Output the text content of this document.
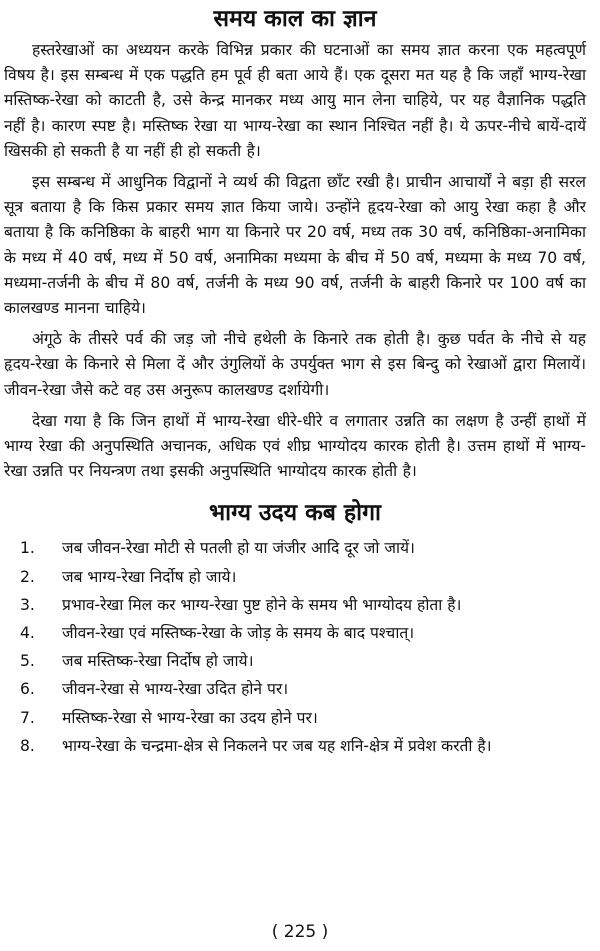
समय काल का ज्ञान

हस्तरेखाओं का अध्ययन करके विभिन्न प्रकार की घटनाओं का समय ज्ञात करना एक महत्वपूर्ण विषय है। इस सम्बन्ध में एक पद्धति हम पूर्व ही बता आये हैं। एक दूसरा मत यह है कि जहाँ भाग्य-रेखा मस्तिष्क-रेखा को काटती है, उसे केन्द्र मानकर मध्य आयु मान लेना चाहिये, पर यह वैज्ञानिक पद्धति नहीं है। कारण स्पष्ट है। मस्तिष्क रेखा या भाग्य-रेखा का स्थान निश्चित नहीं है। ये ऊपर-नीचे बायें-दायें खिसकी हो सकती है या नहीं ही हो सकती है।

इस सम्बन्ध में आधुनिक विद्वानों ने व्यर्थ की विद्वता छाँट रखी है। प्राचीन आचार्यों ने बड़ा ही सरल सूत्र बताया है कि किस प्रकार समय ज्ञात किया जाये। उन्होंने हृदय-रेखा को आयु रेखा कहा है और बताया है कि कनिष्ठिका के बाहरी भाग या किनारे पर 20 वर्ष, मध्य तक 30 वर्ष, कनिष्ठिका-अनामिका के मध्य में 40 वर्ष, मध्य में 50 वर्ष, अनामिका मध्यमा के बीच में 50 वर्ष, मध्यमा के मध्य 70 वर्ष, मध्यमा-तर्जनी के बीच में 80 वर्ष, तर्जनी के मध्य 90 वर्ष, तर्जनी के बाहरी किनारे पर 100 वर्ष का कालखण्ड मानना चाहिये।

अंगूठे के तीसरे पर्व की जड़ जो नीचे हथेली के किनारे तक होती है। कुछ पर्वत के नीचे से यह हृदय-रेखा के किनारे से मिला दें और उंगुलियों के उपर्युक्त भाग से इस बिन्दु को रेखाओं द्वारा मिलायें। जीवन-रेखा जैसे कटे वह उस अनुरूप कालखण्ड दर्शायेगी।

देखा गया है कि जिन हाथों में भाग्य-रेखा धीरे-धीरे व लगातार उन्नति का लक्षण है उन्हीं हाथों में भाग्य रेखा की अनुपस्थिति अचानक, अधिक एवं शीघ्र भाग्योदय कारक होती है। उत्तम हाथों में भाग्य-रेखा उन्नति पर नियन्त्रण तथा इसकी अनुपस्थिति भाग्योदय कारक होती है।

भाग्य उदय कब होगा
1.	जब जीवन-रेखा मोटी से पतली हो या जंजीर आदि दूर जो जायें।
2.	जब भाग्य-रेखा निर्दोष हो जाये।
3.	प्रभाव-रेखा मिल कर भाग्य-रेखा पुष्ट होने के समय भी भाग्योदय होता है।
4.	जीवन-रेखा एवं मस्तिष्क-रेखा के जोड़ के समय के बाद पश्चात्।
5.	जब मस्तिष्क-रेखा निर्दोष हो जाये।
6.	जीवन-रेखा से भाग्य-रेखा उदित होने पर।
7.	मस्तिष्क-रेखा से भाग्य-रेखा का उदय होने पर।
8.	भाग्य-रेखा के चन्द्रमा-क्षेत्र से निकलने पर जब यह शनि-क्षेत्र में प्रवेश करती है।
( 225 )
